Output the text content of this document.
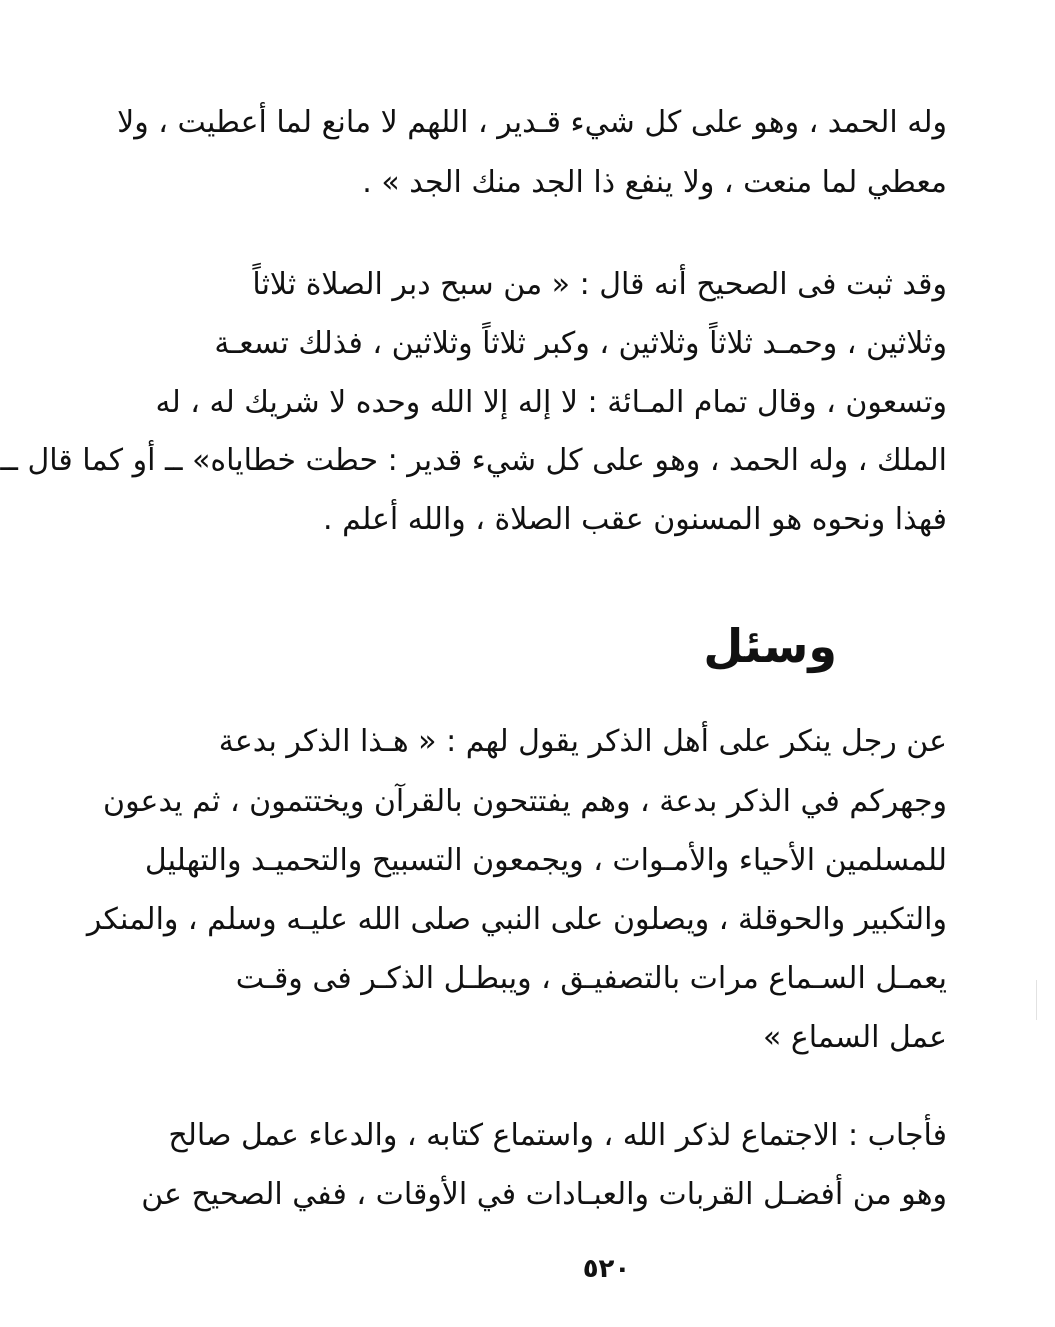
وله الحمد ، وهو على كل شيء قـدير ، اللهم لا مانع لما أعطيت ، ولا
معطي لما منعت ، ولا ينفع ذا الجد منك الجد » .
وقد ثبت فى الصحيح أنه قال : « من سبح دبر الصلاة ثلاثاً
وثلاثين ، وحمـد ثلاثاً وثلاثين ، وكبر ثلاثاً وثلاثين ، فذلك تسعـة
وتسعون ، وقال تمام المـائة : لا إله إلا الله وحده لا شريك له ، له
الملك ، وله الحمد ، وهو على كل شيء قدير : حطت خطاياه» ــ أو كما قال ــ
فهذا ونحوه هو المسنون عقب الصلاة ، والله أعلم .
وسئل
عن رجل ينكر على أهل الذكر يقول لهم : « هـذا الذكر بدعة
وجهركم في الذكر بدعة ، وهم يفتتحون بالقرآن ويختتمون ، ثم يدعون
للمسلمين الأحياء والأمـوات ، ويجمعون التسبيح والتحميـد والتهليل
والتكبير والحوقلة ، ويصلون على النبي صلى الله عليـه وسلم ، والمنكر
يعمـل السـماع مرات بالتصفيـق ، ويبطـل الذكـر فى وقـت
عمل السماع »
فأجاب : الاجتماع لذكر الله ، واستماع كتابه ، والدعاء عمل صالح
وهو من أفضـل القربات والعبـادات في الأوقات ، ففي الصحيح عن
٥٢٠
